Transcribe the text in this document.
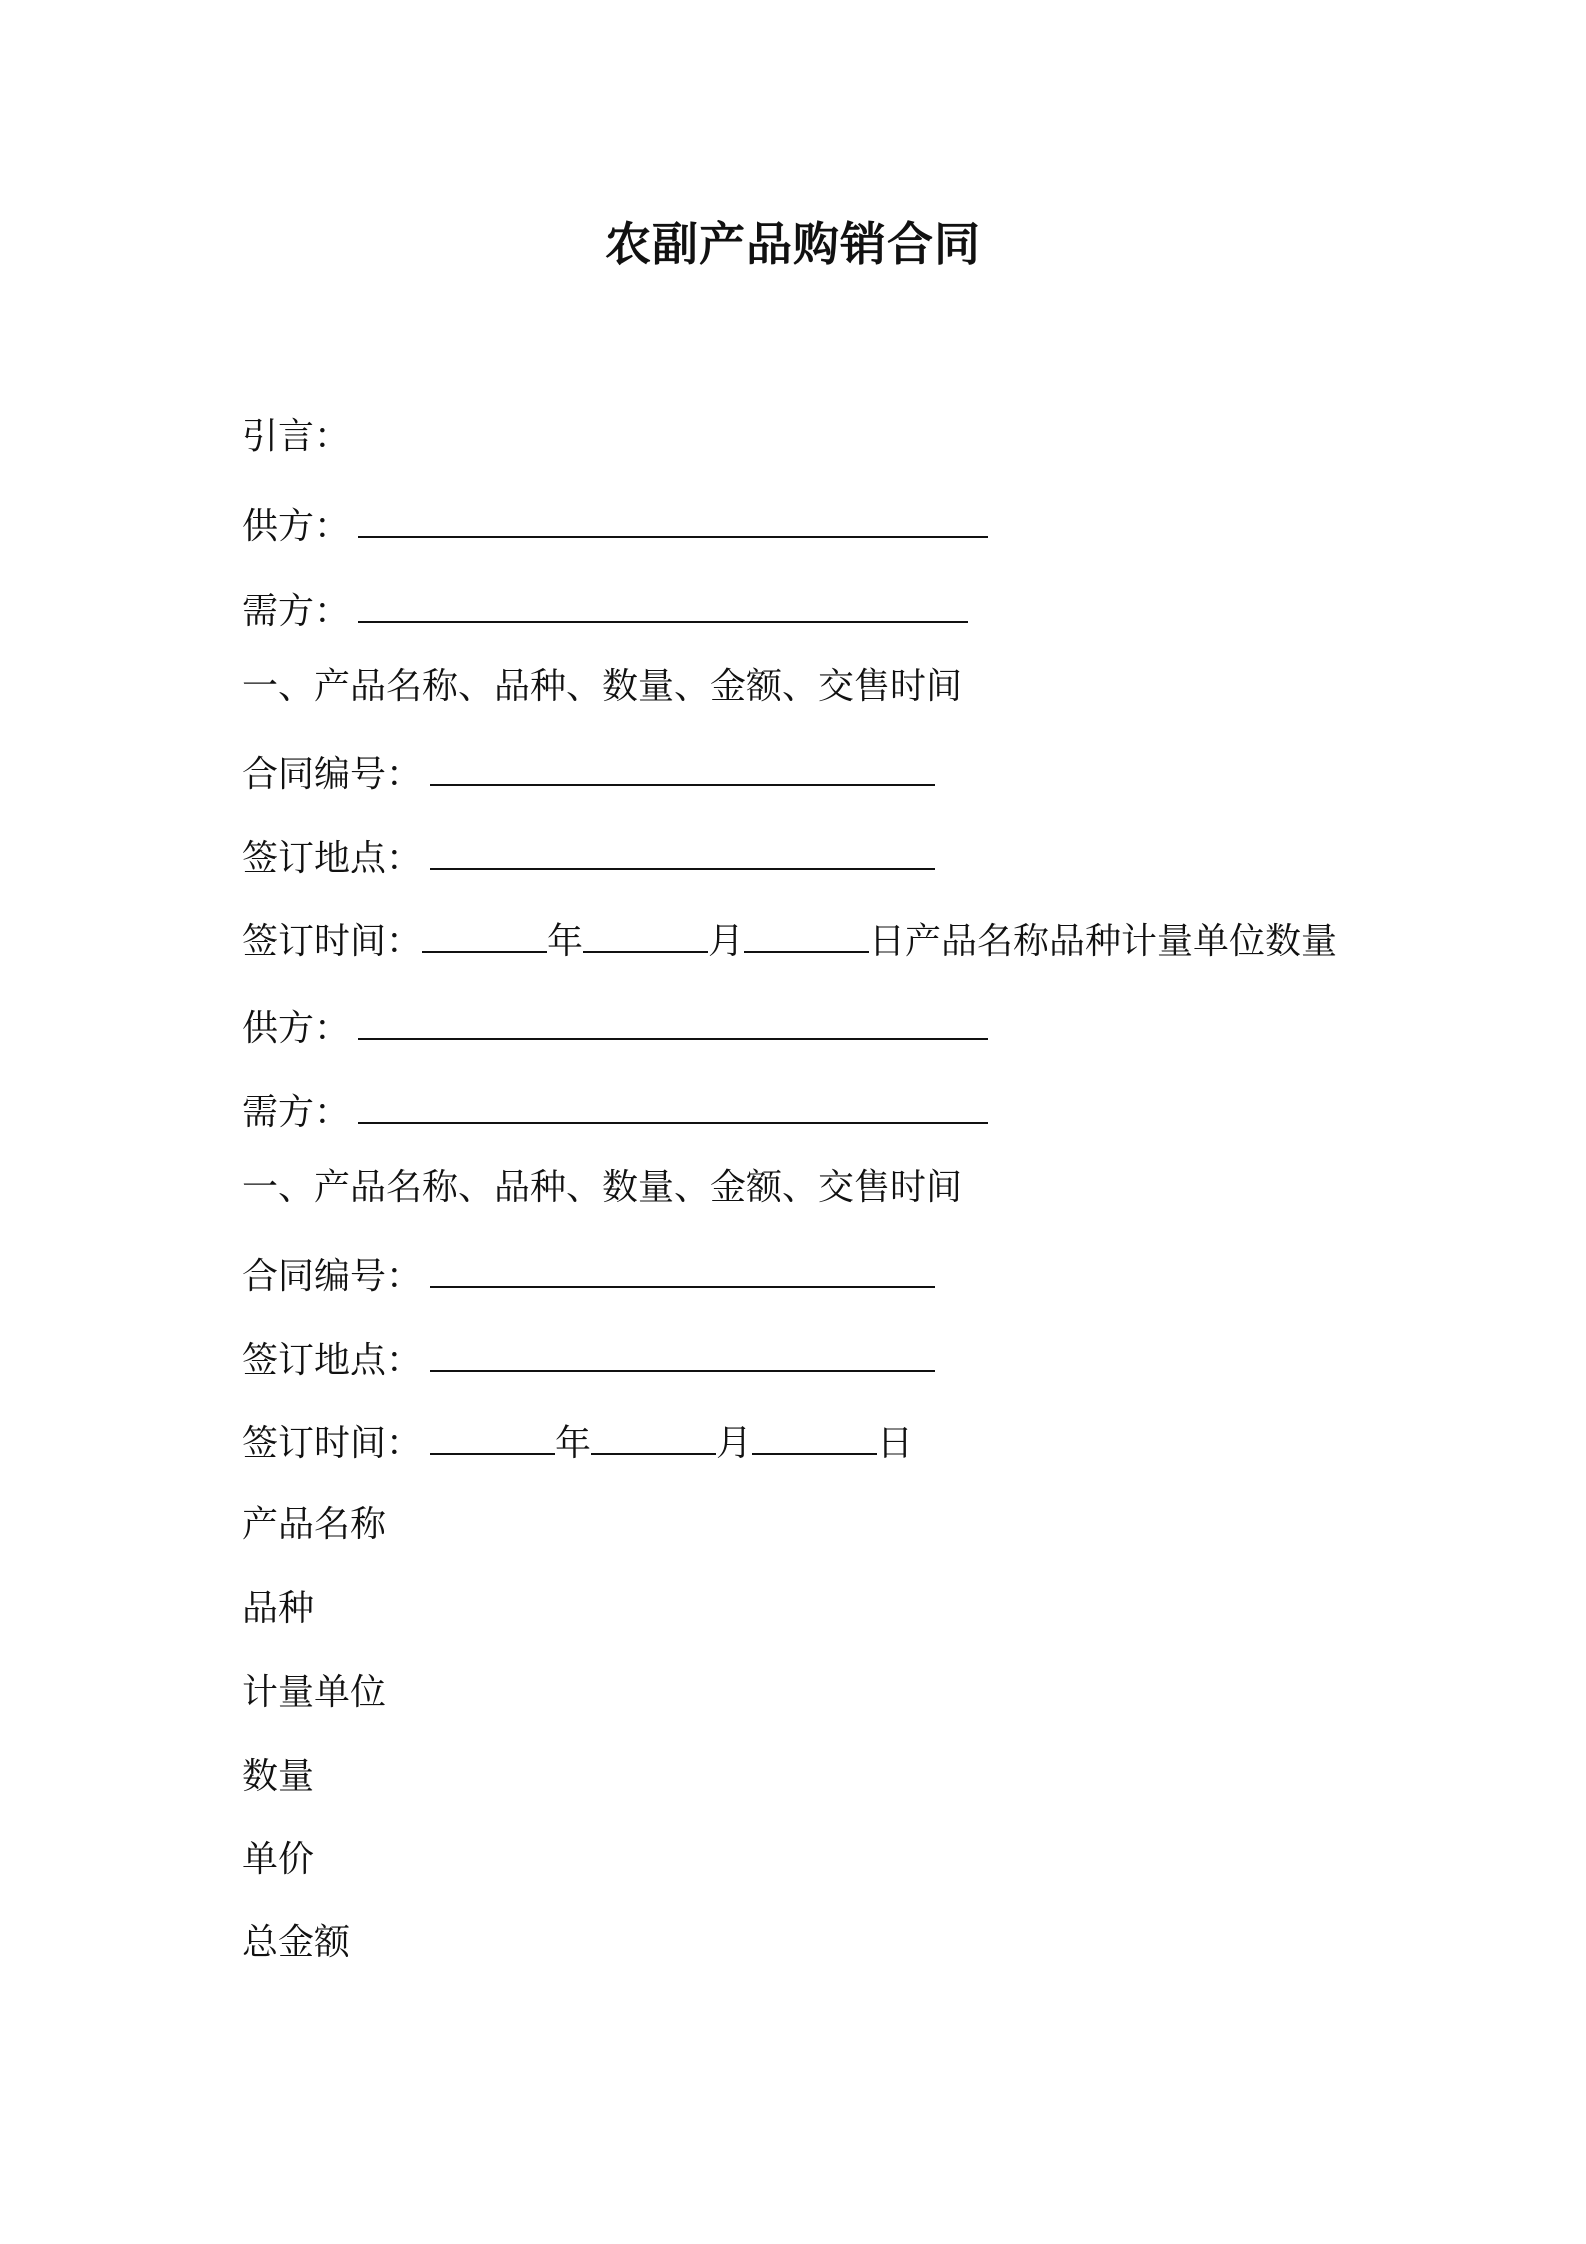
农副产品购销合同
引言：
供方：
需方：
一、产品名称、品种、数量、金额、交售时间
合同编号：
签订地点：
签订时间：	年	月	日产品名称品种计量单位数量
供方：
需方：
一、产品名称、品种、数量、金额、交售时间
合同编号：
签订地点：
签订时间：	年	月	日
产品名称
品种
计量单位
数量
单价
总金额
